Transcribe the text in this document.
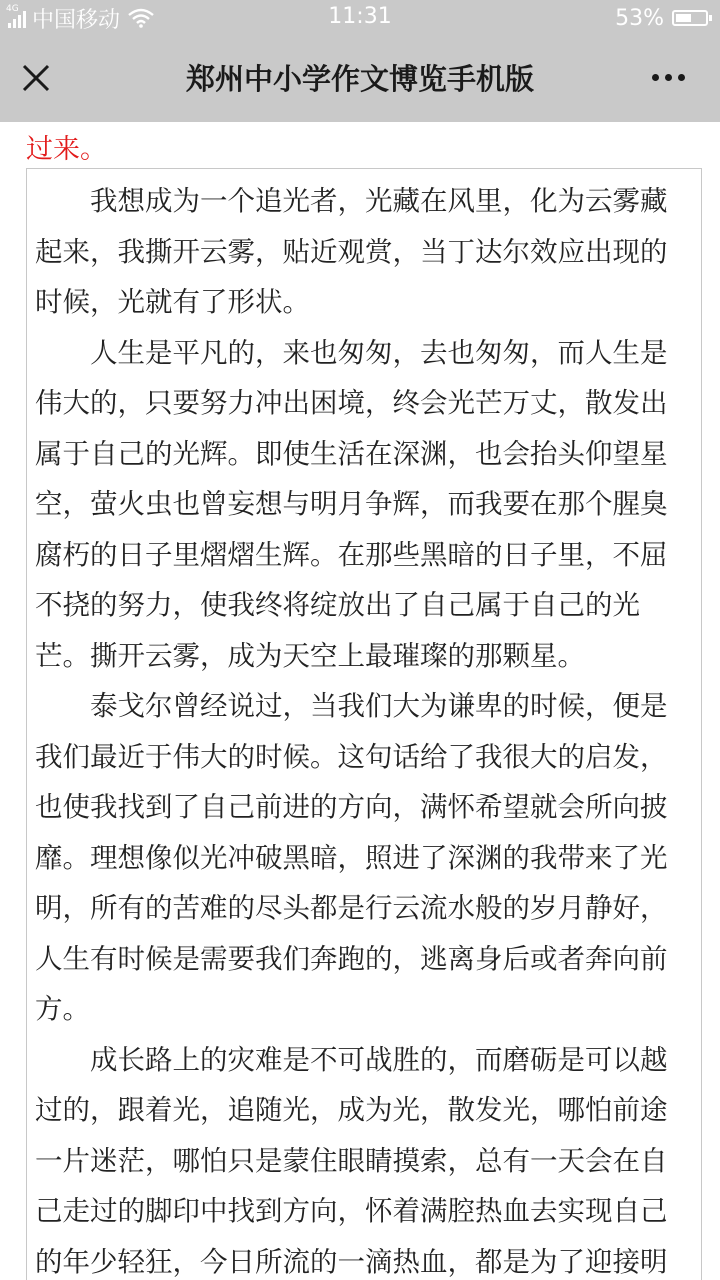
4G 中国移动	11:31	53%
郑州中小学作文博览手机版
过来。
　　我想成为一个追光者，光藏在风里，化为云雾藏
起来，我撕开云雾，贴近观赏，当丁达尔效应出现的
时候，光就有了形状。
　　人生是平凡的，来也匆匆，去也匆匆，而人生是
伟大的，只要努力冲出困境，终会光芒万丈，散发出
属于自己的光辉。即使生活在深渊，也会抬头仰望星
空，萤火虫也曾妄想与明月争辉，而我要在那个腥臭
腐朽的日子里熠熠生辉。在那些黑暗的日子里，不屈
不挠的努力，使我终将绽放出了自己属于自己的光
芒。撕开云雾，成为天空上最璀璨的那颗星。
　　泰戈尔曾经说过，当我们大为谦卑的时候，便是
我们最近于伟大的时候。这句话给了我很大的启发，
也使我找到了自己前进的方向，满怀希望就会所向披
靡。理想像似光冲破黑暗，照进了深渊的我带来了光
明，所有的苦难的尽头都是行云流水般的岁月静好，
人生有时候是需要我们奔跑的，逃离身后或者奔向前
方。
　　成长路上的灾难是不可战胜的，而磨砺是可以越
过的，跟着光，追随光，成为光，散发光，哪怕前途
一片迷茫，哪怕只是蒙住眼睛摸索，总有一天会在自
己走过的脚印中找到方向，怀着满腔热血去实现自己
的年少轻狂，今日所流的一滴热血，都是为了迎接明
